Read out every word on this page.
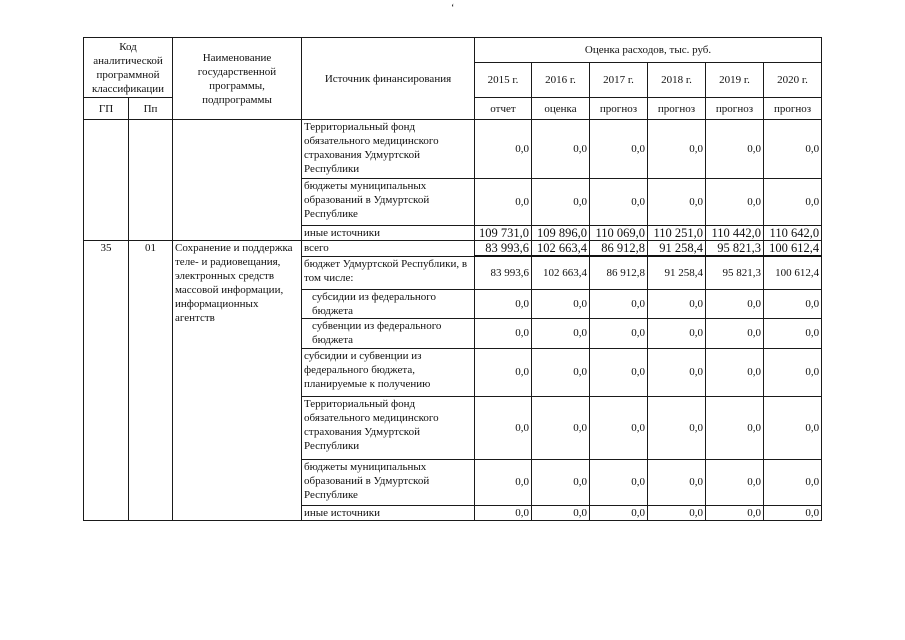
‘
Код аналитической программной классификации		Наименование государственной программы, подпрограммы	Источник финансирования	Оценка расходов, тыс. руб.					
				2015 г.	2016 г.	2017 г.	2018 г.	2019 г.	2020 г.
ГП	Пп			отчет	оценка	прогноз	прогноз	прогноз	прогноз
			Территориальный фонд обязательного медицинского страхования Удмуртской Республики	0,0	0,0	0,0	0,0	0,0	0,0
			бюджеты муниципальных образований в Удмуртской Республике	0,0	0,0	0,0	0,0	0,0	0,0
			иные источники	109 731,0	109 896,0	110 069,0	110 251,0	110 442,0	110 642,0
35	01	Сохранение и поддержка теле- и радиовещания, электронных средств массовой информации, информационных агентств	всего	83 993,6	102 663,4	86 912,8	91 258,4	95 821,3	100 612,4
			бюджет Удмуртской Республики, в том числе:	83 993,6	102 663,4	86 912,8	91 258,4	95 821,3	100 612,4
			субсидии из федерального бюджета	0,0	0,0	0,0	0,0	0,0	0,0
			субвенции из федерального бюджета	0,0	0,0	0,0	0,0	0,0	0,0
			субсидии и субвенции из федерального бюджета, планируемые к получению	0,0	0,0	0,0	0,0	0,0	0,0
			Территориальный фонд обязательного медицинского страхования Удмуртской Республики	0,0	0,0	0,0	0,0	0,0	0,0
			бюджеты муниципальных образований в Удмуртской Республике	0,0	0,0	0,0	0,0	0,0	0,0
			иные источники	0,0	0,0	0,0	0,0	0,0	0,0
